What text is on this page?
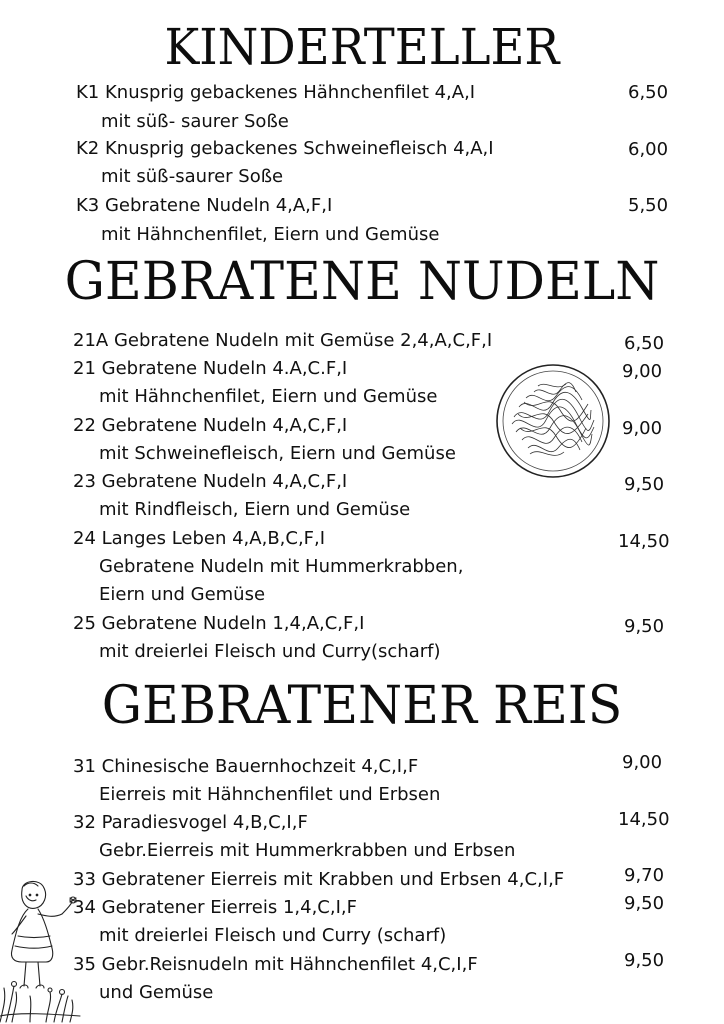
KINDERTELLER
K1 Knusprig gebackenes Hähnchenfilet 4,A,I
mit süß- saurer Soße
6,50
K2 Knusprig gebackenes Schweinefleisch 4,A,I
mit süß-saurer Soße
6,00
K3 Gebratene Nudeln 4,A,F,I
mit Hähnchenfilet, Eiern und Gemüse
5,50
GEBRATENE NUDELN
21A Gebratene Nudeln mit Gemüse 2,4,A,C,F,I	6,50
21 Gebratene Nudeln 4.A,C.F,I
mit Hähnchenfilet, Eiern und Gemüse
9,00
22 Gebratene Nudeln 4,A,C,F,I
mit Schweinefleisch, Eiern und Gemüse
9,00
23 Gebratene Nudeln 4,A,C,F,I
mit Rindfleisch, Eiern und Gemüse
9,50
24 Langes Leben 4,A,B,C,F,I
Gebratene Nudeln mit Hummerkrabben,
Eiern und Gemüse
14,50
25 Gebratene Nudeln 1,4,A,C,F,I
mit dreierlei Fleisch und Curry(scharf)
9,50
GEBRATENER REIS
31 Chinesische Bauernhochzeit 4,C,I,F
Eierreis mit Hähnchenfilet und Erbsen
9,00
32 Paradiesvogel 4,B,C,I,F
Gebr.Eierreis mit Hummerkrabben und Erbsen
14,50
33 Gebratener Eierreis mit Krabben und Erbsen 4,C,I,F	9,70
34 Gebratener Eierreis 1,4,C,I,F
mit dreierlei Fleisch und Curry (scharf)
9,50
35 Gebr.Reisnudeln mit Hähnchenfilet 4,C,I,F
und Gemüse
9,50
